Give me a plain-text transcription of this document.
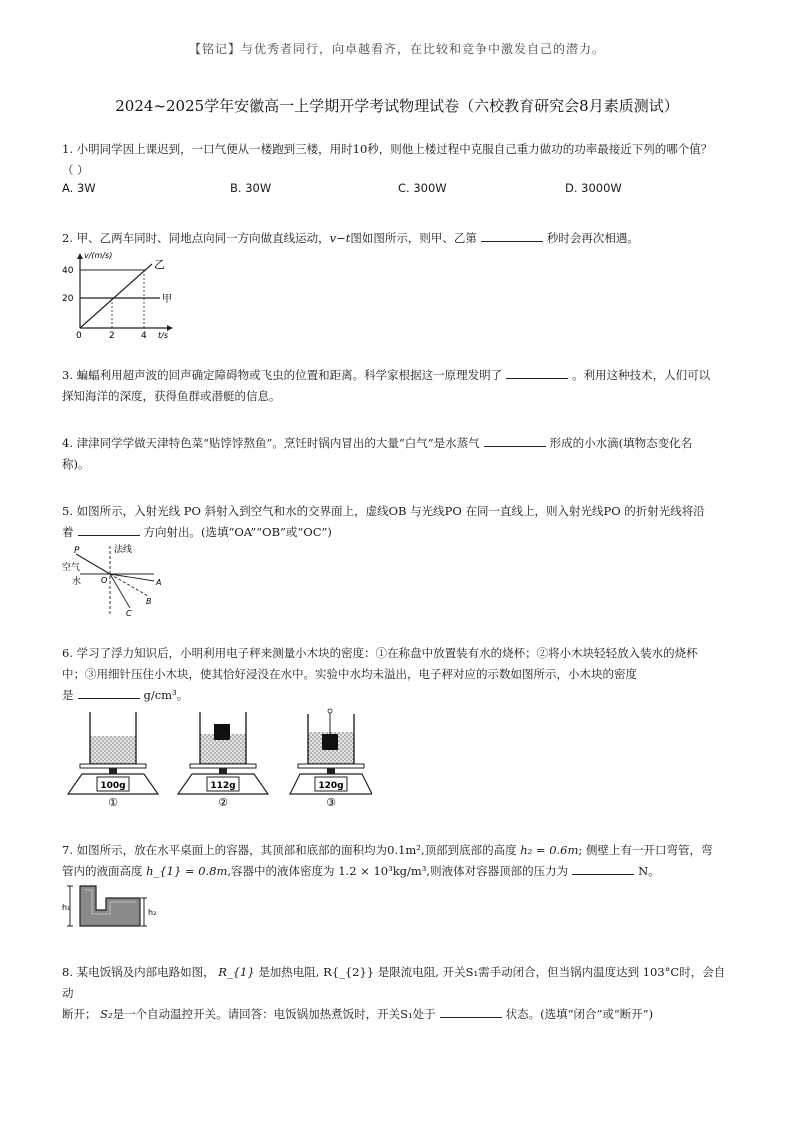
【铭记】与优秀者同行，向卓越看齐，在比较和竞争中激发自己的潜力。
2024~2025学年安徽高一上学期开学考试物理试卷（六校教育研究会8月素质测试）
1. 小明同学因上课迟到，一口气便从一楼跑到三楼，用时10秒，则他上楼过程中克服自己重力做功的功率最接近下列的哪个值？
（ ）
A. 3W	B. 30W	C. 300W	D. 3000W
2. 甲、乙两车同时、同地点向同一方向做直线运动，v−t图如图所示，则甲、乙第	秒时会再次相遇。
v/(m/s)
40
20
0	2	4 t/s
乙
甲
3. 蝙蝠利用超声波的回声确定障碍物或飞虫的位置和距离。科学家根据这一原理发明了	。利用这种技术，人们可以
探知海洋的深度，获得鱼群或潜艇的信息。
4. 津津同学学做天津特色菜“贴饽饽熬鱼”。烹饪时锅内冒出的大量“白气”是水蒸气	形成的小水滴(填物态变化名
称)。
5. 如图所示，入射光线 PO 斜射入到空气和水的交界面上，虚线OB 与光线PO 在同一直线上，则入射光线PO 的折射光线将沿
着	方向射出。(选填“OA”“OB”或“OC”)
P	法线
空气
水 O	A
B
C
6. 学习了浮力知识后，小明利用电子秤来测量小木块的密度：①在称盘中放置装有水的烧杯；②将小木块轻轻放入装水的烧杯
中；③用细针压住小木块，使其恰好浸没在水中。实验中水均未溢出，电子秤对应的示数如图所示，小木块的密度
是	g/cm³。
100g
①
112g
②
120g
③
7. 如图所示，放在水平桌面上的容器，其顶部和底部的面积均为0.1m²,顶部到底部的高度 h₂ = 0.6m; 侧壁上有一开口弯管，弯
管内的液面高度 h_{1} = 0.8m,容器中的液体密度为 1.2 × 10³kg/m³,则液体对容器顶部的压力为	N。
h₁
h₂
8. 某电饭锅及内部电路如图， R_{1} 是加热电阻, R{_{2}} 是限流电阻, 开关S₁需手动闭合，但当锅内温度达到 103°C时，会自动
断开； S₂是一个自动温控开关。请回答：电饭锅加热煮饭时，开关S₁处于	状态。(选填“闭合”或“断开”)
